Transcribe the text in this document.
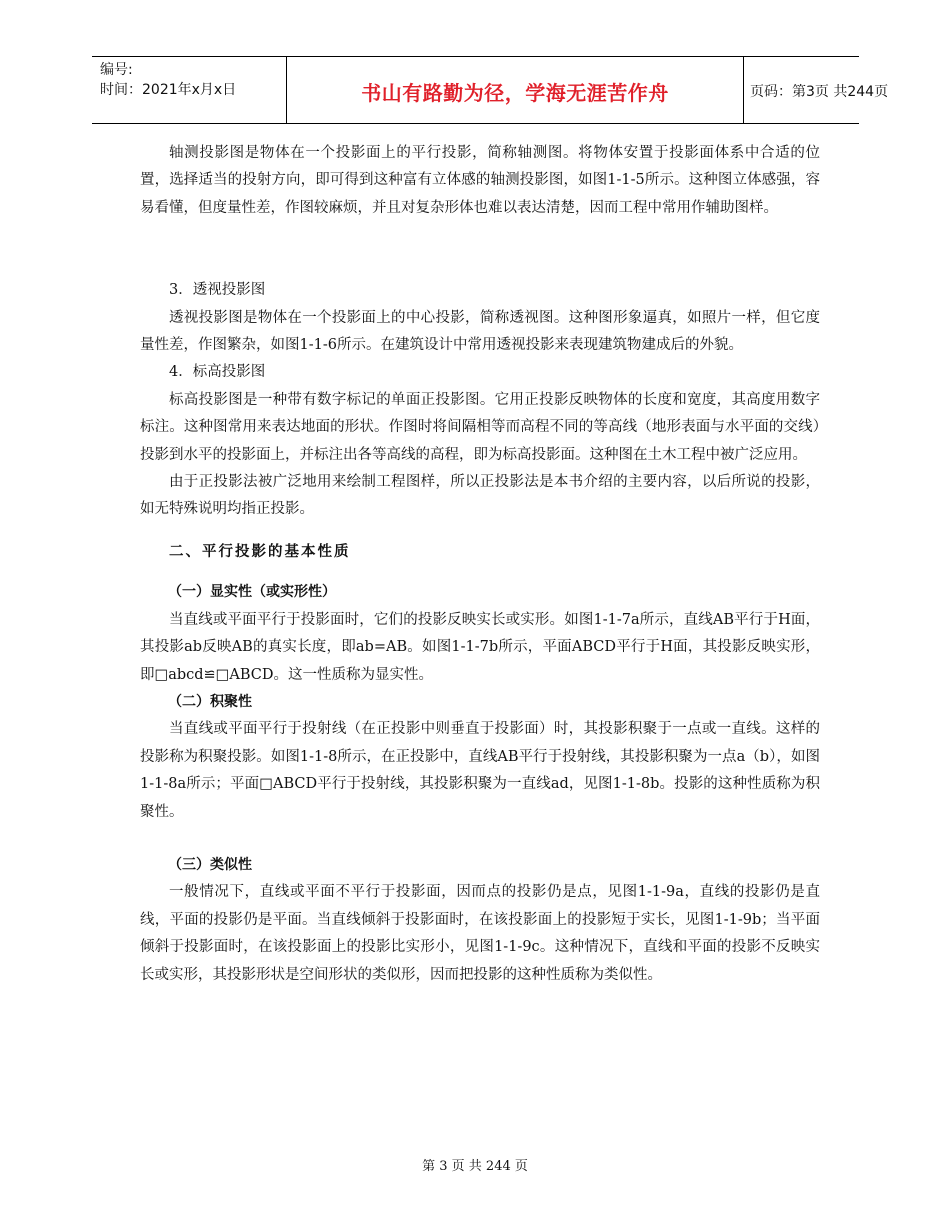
编号:
时间：2021年x月x日	书山有路勤为径，学海无涯苦作舟	页码：第3页 共244页

轴测投影图是物体在一个投影面上的平行投影，简称轴测图。将物体安置于投影面体系中合适的位置，选择适当的投射方向，即可得到这种富有立体感的轴测投影图，如图1-1-5所示。这种图立体感强，容易看懂，但度量性差，作图较麻烦，并且对复杂形体也难以表达清楚，因而工程中常用作辅助图样。

3．透视投影图

透视投影图是物体在一个投影面上的中心投影，简称透视图。这种图形象逼真，如照片一样，但它度量性差，作图繁杂，如图1-1-6所示。在建筑设计中常用透视投影来表现建筑物建成后的外貌。

4．标高投影图

标高投影图是一种带有数字标记的单面正投影图。它用正投影反映物体的长度和宽度，其高度用数字标注。这种图常用来表达地面的形状。作图时将间隔相等而高程不同的等高线（地形表面与水平面的交线）投影到水平的投影面上，并标注出各等高线的高程，即为标高投影面。这种图在土木工程中被广泛应用。

由于正投影法被广泛地用来绘制工程图样，所以正投影法是本书介绍的主要内容，以后所说的投影，如无特殊说明均指正投影。

二、平行投影的基本性质

（一）显实性（或实形性）

当直线或平面平行于投影面时，它们的投影反映实长或实形。如图1-1-7a所示，直线AB平行于H面，其投影ab反映AB的真实长度，即ab=AB。如图1-1-7b所示，平面ABCD平行于H面，其投影反映实形，即□abcd≌□ABCD。这一性质称为显实性。

（二）积聚性

当直线或平面平行于投射线（在正投影中则垂直于投影面）时，其投影积聚于一点或一直线。这样的投影称为积聚投影。如图1-1-8所示，在正投影中，直线AB平行于投射线，其投影积聚为一点a（b），如图1-1-8a所示；平面□ABCD平行于投射线，其投影积聚为一直线ad，见图1-1-8b。投影的这种性质称为积聚性。

（三）类似性

一般情况下，直线或平面不平行于投影面，因而点的投影仍是点，见图1-1-9a，直线的投影仍是直线，平面的投影仍是平面。当直线倾斜于投影面时，在该投影面上的投影短于实长，见图1-1-9b；当平面倾斜于投影面时，在该投影面上的投影比实形小，见图1-1-9c。这种情况下，直线和平面的投影不反映实长或实形，其投影形状是空间形状的类似形，因而把投影的这种性质称为类似性。

第 3 页 共 244 页
